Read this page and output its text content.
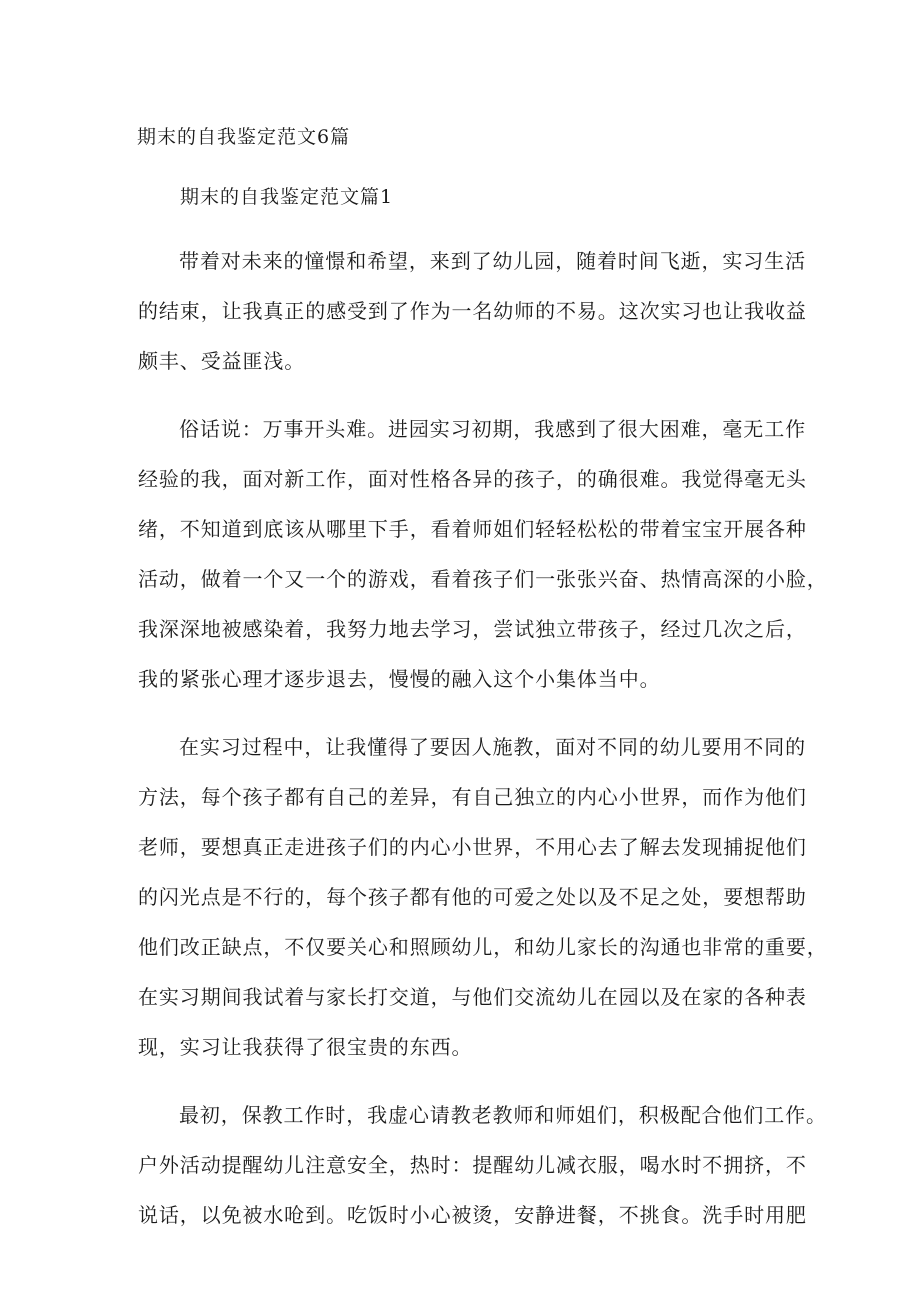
期末的自我鉴定范文6篇
期末的自我鉴定范文篇1

带着对未来的憧憬和希望，来到了幼儿园，随着时间飞逝，实习生活
的结束，让我真正的感受到了作为一名幼师的不易。这次实习也让我收益
颇丰、受益匪浅。

俗话说：万事开头难。进园实习初期，我感到了很大困难，毫无工作
经验的我，面对新工作，面对性格各异的孩子，的确很难。我觉得毫无头
绪，不知道到底该从哪里下手，看着师姐们轻轻松松的带着宝宝开展各种
活动，做着一个又一个的游戏，看着孩子们一张张兴奋、热情高深的小脸，
我深深地被感染着，我努力地去学习，尝试独立带孩子，经过几次之后，
我的紧张心理才逐步退去，慢慢的融入这个小集体当中。

在实习过程中，让我懂得了要因人施教，面对不同的幼儿要用不同的
方法，每个孩子都有自己的差异，有自己独立的内心小世界，而作为他们
老师，要想真正走进孩子们的内心小世界，不用心去了解去发现捕捉他们
的闪光点是不行的，每个孩子都有他的可爱之处以及不足之处，要想帮助
他们改正缺点，不仅要关心和照顾幼儿，和幼儿家长的沟通也非常的重要，
在实习期间我试着与家长打交道，与他们交流幼儿在园以及在家的各种表
现，实习让我获得了很宝贵的东西。

最初，保教工作时，我虚心请教老教师和师姐们，积极配合他们工作。
户外活动提醒幼儿注意安全，热时：提醒幼儿减衣服，喝水时不拥挤，不
说话，以免被水呛到。吃饭时小心被烫，安静进餐，不挑食。洗手时用肥
